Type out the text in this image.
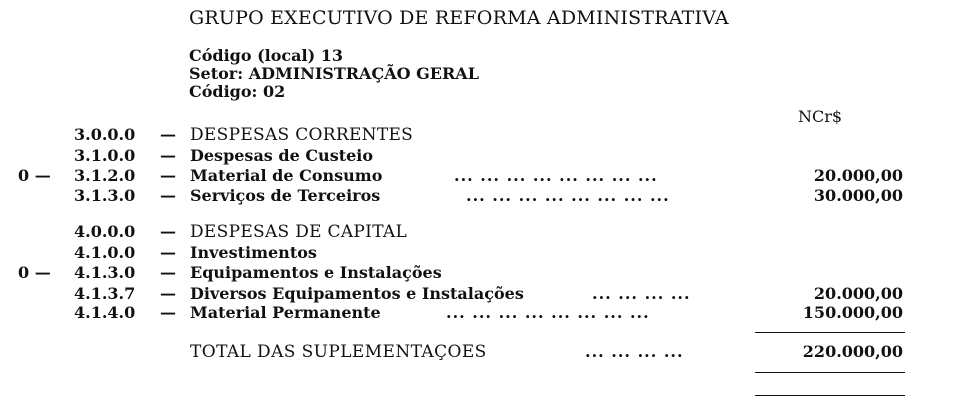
GRUPO EXECUTIVO DE REFORMA ADMINISTRATIVA
Código (local) 13
Setor: ADMINISTRAÇÃO GERAL
Código: 02
NCr$
3.0.0.0 — DESPESAS CORRENTES
3.1.0.0 — Despesas de Custeio
0 — 3.1.2.0 — Material de Consumo	... ... ... ... ... ... ... ...	20.000,00
3.1.3.0 — Serviços de Terceiros	... ... ... ... ... ... ... ...	30.000,00
4.0.0.0 — DESPESAS DE CAPITAL
4.1.0.0 — Investimentos
0 — 4.1.3.0 — Equipamentos e Instalações
4.1.3.7 — Diversos Equipamentos e Instalações	... ... ... ...	20.000,00
4.1.4.0 — Material Permanente	... ... ... ... ... ... ... ...	150.000,00
TOTAL DAS SUPLEMENTAÇOES	... ... ... ...	220.000,00
